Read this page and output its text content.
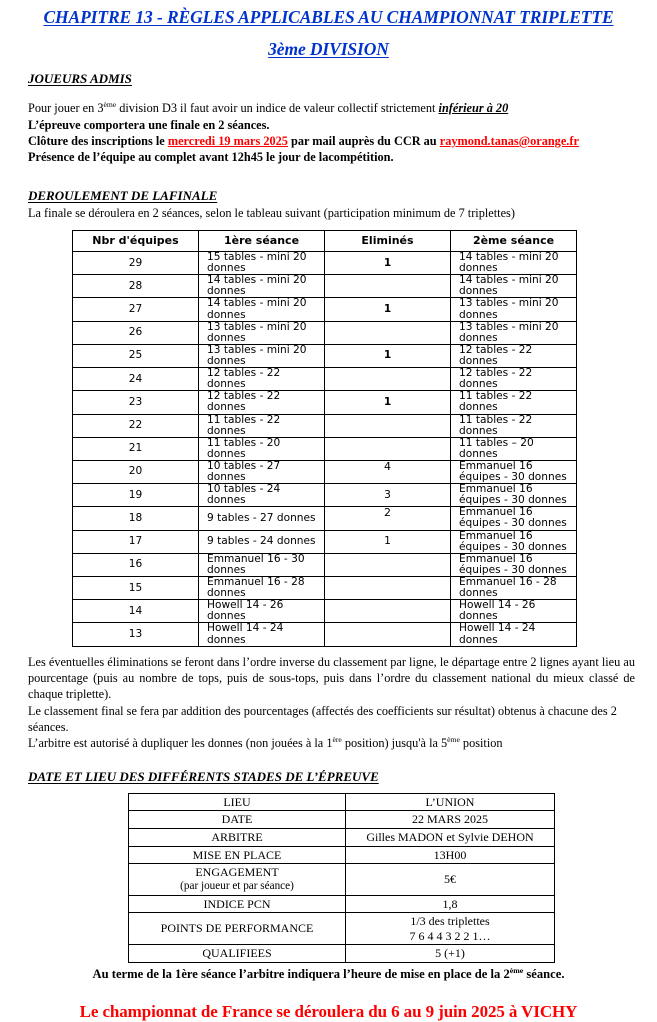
CHAPITRE 13 - RÈGLES APPLICABLES AU CHAMPIONNAT TRIPLETTE
3ème DIVISION
JOUEURS ADMIS
Pour jouer en 3ème division D3 il faut avoir un indice de valeur collectif strictement inférieur à 20
L’épreuve comportera une finale en 2 séances.
Clôture des inscriptions le mercredi 19 mars 2025 par mail auprès du CCR au raymond.tanas@orange.fr
Présence de l’équipe au complet avant 12h45 le jour de lacompétition.
DEROULEMENT DE LAFINALE
La finale se déroulera en 2 séances, selon le tableau suivant (participation minimum de 7 triplettes)
Nbr d'équipes	1ère séance	Eliminés	2ème séance
29	15 tables - mini 20 donnes	1	14 tables - mini 20 donnes
28	14 tables - mini 20 donnes		14 tables - mini 20 donnes
27	14 tables - mini 20 donnes	1	13 tables - mini 20 donnes
26	13 tables - mini 20 donnes		13 tables - mini 20 donnes
25	13 tables - mini 20 donnes	1	12 tables - 22 donnes
24	12 tables - 22 donnes		12 tables - 22 donnes
23	12 tables - 22 donnes	1	11 tables - 22 donnes
22	11 tables - 22 donnes		11 tables - 22 donnes
21	11 tables - 20 donnes		11 tables – 20 donnes
20	10 tables - 27 donnes	4	Emmanuel 16 équipes - 30 donnes
19	10 tables - 24 donnes	3	Emmanuel 16 équipes - 30 donnes
18	9 tables - 27 donnes	2	Emmanuel 16 équipes - 30 donnes
17	9 tables - 24 donnes	1	Emmanuel 16 équipes - 30 donnes
16	Emmanuel 16 - 30 donnes		Emmanuel 16 équipes - 30 donnes
15	Emmanuel 16 - 28 donnes		Emmanuel 16 - 28 donnes
14	Howell 14 - 26 donnes		Howell 14 - 26 donnes
13	Howell 14 - 24 donnes		Howell 14 - 24 donnes
Les éventuelles éliminations se feront dans l’ordre inverse du classement par ligne, le départage entre 2 lignes ayant lieu au pourcentage (puis au nombre de tops, puis de sous-tops, puis dans l’ordre du classement national du mieux classé de chaque triplette).
Le classement final se fera par addition des pourcentages (affectés des coefficients sur résultat) obtenus à chacune des 2 séances.
L’arbitre est autorisé à dupliquer les donnes (non jouées à la 1ère position) jusqu'à la 5ème position
DATE ET LIEU DES DIFFÉRENTS STADES DE L’ÉPREUVE
LIEU	L’UNION

DATE	22 MARS 2025

ARBITRE	Gilles MADON et Sylvie DEHON

MISE EN PLACE	13H00

ENGAGEMENT
(par joueur et par séance)	5€

INDICE PCN	1,8

POINTS DE PERFORMANCE	1/3 des triplettes
7 6 4 4 3 2 2 1…

QUALIFIEES	5 (+1)
Au terme de la 1ère séance l’arbitre indiquera l’heure de mise en place de la 2ème séance.
Le championnat de France se déroulera du 6 au 9 juin 2025 à VICHY
